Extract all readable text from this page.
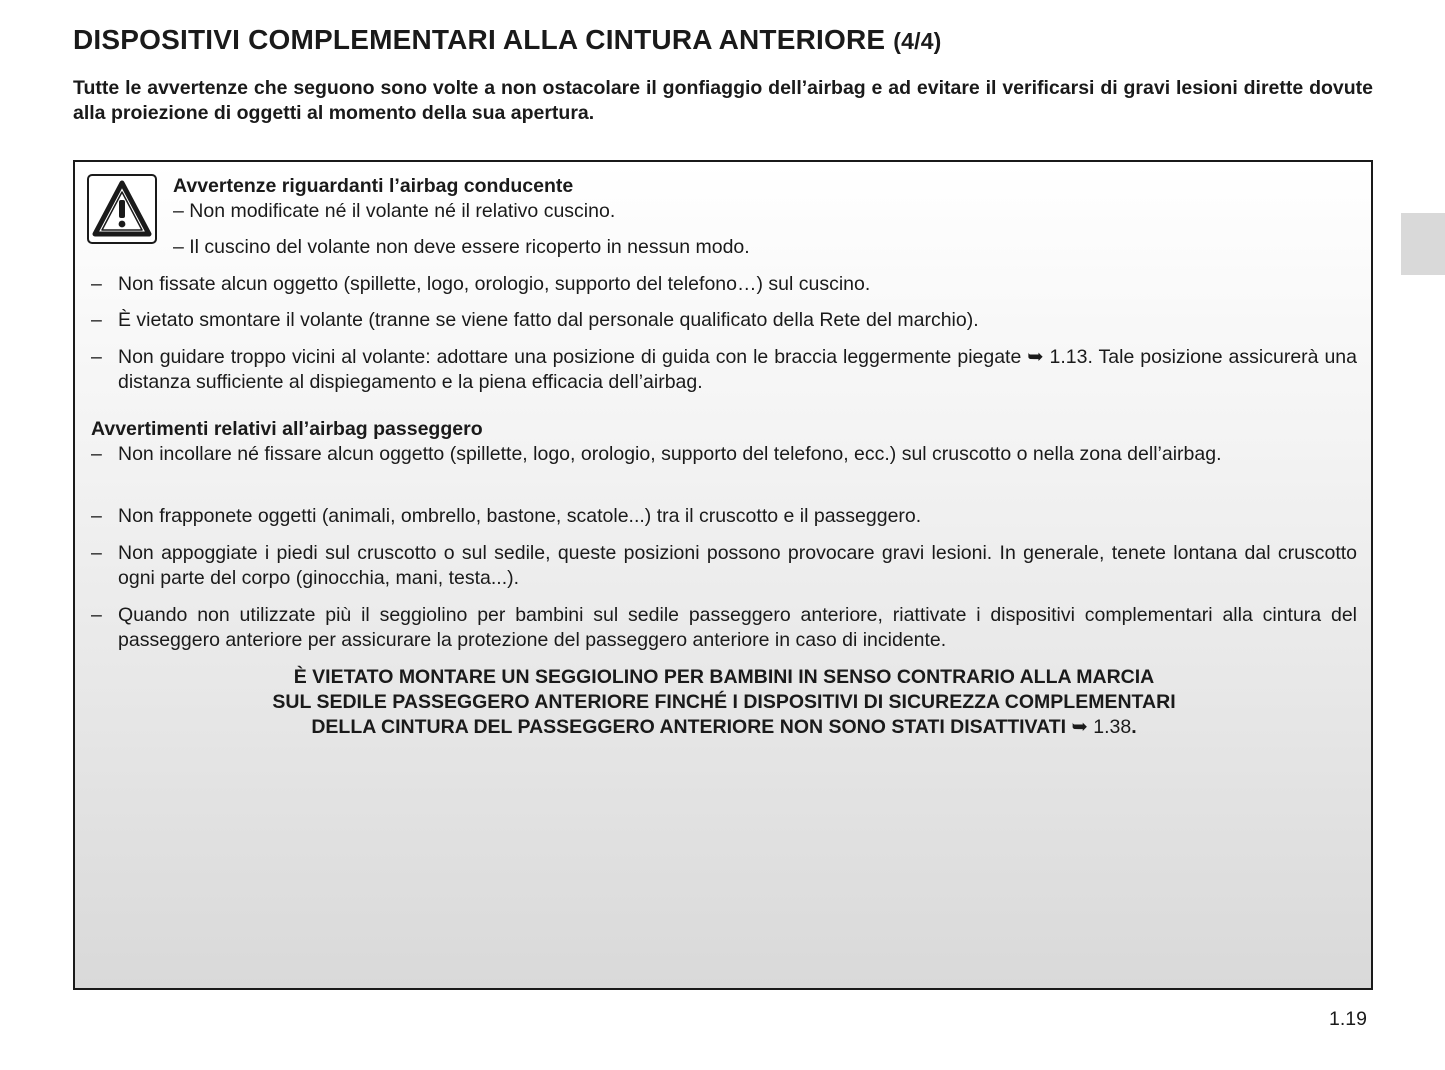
DISPOSITIVI COMPLEMENTARI ALLA CINTURA ANTERIORE (4/4)
Tutte le avvertenze che seguono sono volte a non ostacolare il gonfiaggio dell’airbag e ad evitare il verificarsi di gravi lesioni dirette dovute alla proiezione di oggetti al momento della sua apertura.
Avvertenze riguardanti l’airbag conducente
– Non modificate né il volante né il relativo cuscino.
– Il cuscino del volante non deve essere ricoperto in nessun modo.
– Non fissate alcun oggetto (spillette, logo, orologio, supporto del telefono…) sul cuscino.
– È vietato smontare il volante (tranne se viene fatto dal personale qualificato della Rete del marchio).
– Non guidare troppo vicini al volante: adottare una posizione di guida con le braccia leggermente piegate ➥ 1.13. Tale posizione assicurerà una distanza sufficiente al dispiegamento e la piena efficacia dell’airbag.
Avvertimenti relativi all’airbag passeggero
– Non incollare né fissare alcun oggetto (spillette, logo, orologio, supporto del telefono, ecc.) sul cruscotto o nella zona dell’airbag.
– Non frapponete oggetti (animali, ombrello, bastone, scatole...) tra il cruscotto e il passeggero.
– Non appoggiate i piedi sul cruscotto o sul sedile, queste posizioni possono provocare gravi lesioni. In generale, tenete lontana dal cruscotto ogni parte del corpo (ginocchia, mani, testa...).
– Quando non utilizzate più il seggiolino per bambini sul sedile passeggero anteriore, riattivate i dispositivi complementari alla cintura del passeggero anteriore per assicurare la protezione del passeggero anteriore in caso di incidente.
È VIETATO MONTARE UN SEGGIOLINO PER BAMBINI IN SENSO CONTRARIO ALLA MARCIA
SUL SEDILE PASSEGGERO ANTERIORE FINCHÉ I DISPOSITIVI DI SICUREZZA COMPLEMENTARI
DELLA CINTURA DEL PASSEGGERO ANTERIORE NON SONO STATI DISATTIVATI ➥ 1.38.
1.19
